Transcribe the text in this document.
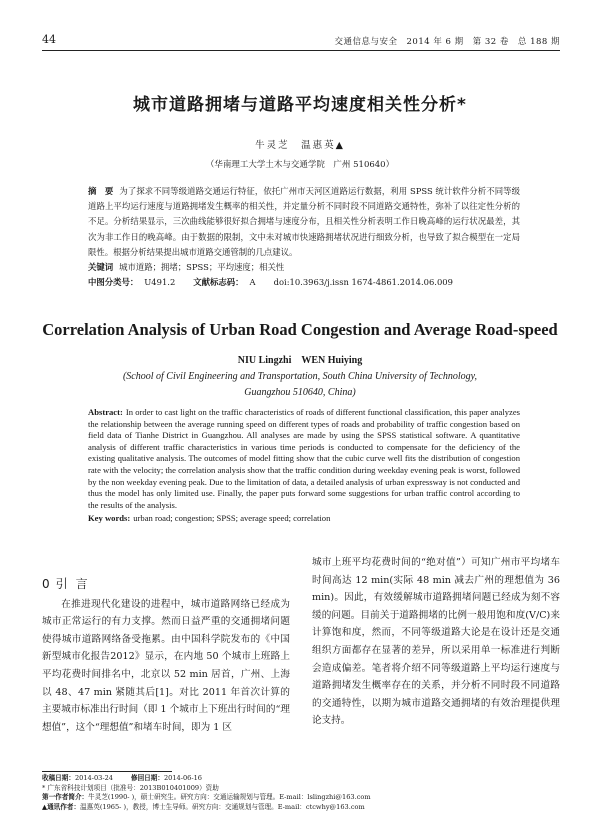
44	交通信息与安全　2014 年 6 期　第 32 卷　总 188 期
城市道路拥堵与道路平均速度相关性分析*
牛灵芝　温惠英▲
（华南理工大学土木与交通学院　广州 510640）
摘　要 为了探求不同等级道路交通运行特征，依托广州市天河区道路运行数据，利用 SPSS 统计软件分析不同等级道路上平均运行速度与道路拥堵发生概率的相关性，并定量分析不同时段不同道路交通特性，弥补了以往定性分析的不足。分析结果显示，三次曲线能够很好拟合拥堵与速度分布，且相关性分析表明工作日晚高峰的运行状况最差，其次为非工作日的晚高峰。由于数据的限制，文中未对城市快速路拥堵状况进行细致分析，也导致了拟合模型在一定局限性。根据分析结果提出城市道路交通管制的几点建议。
关键词 城市道路；拥堵；SPSS；平均速度；相关性
中图分类号： U491.2 文献标志码： A doi:10.3963/j.issn 1674-4861.2014.06.009
Correlation Analysis of Urban Road Congestion and Average Road-speed
NIU Lingzhi　WEN Huiying
(School of Civil Engineering and Transportation, South China University of Technology,
Guangzhou 510640, China)
Abstract: In order to cast light on the traffic characteristics of roads of different functional classification, this paper analyzes the relationship between the average running speed on different types of roads and probability of traffic congestion based on field data of Tianhe District in Guangzhou. All analyses are made by using the SPSS statistical software. A quantitative analysis of different traffic characteristics in various time periods is conducted to compensate for the deficiency of the existing qualitative analysis. The outcomes of model fitting show that the cubic curve well fits the distribution of congestion rate with the velocity; the correlation analysis show that the traffic condition during weekday evening peak is worst, followed by the non weekday evening peak. Due to the limitation of data, a detailed analysis of urban expressway is not conducted and thus the model has only limited use. Finally, the paper puts forward some suggestions for urban traffic control according to the results of the analysis.
Key words: urban road; congestion; SPSS; average speed; correlation
0 引言
在推进现代化建设的进程中，城市道路网络已经成为城市正常运行的有力支撑。然而日益严重的交通拥堵问题使得城市道路网络备受拖累。由中国科学院发布的《中国新型城市化报告2012》显示，在内地 50 个城市上班路上平均花费时间排名中，北京以 52 min 居首，广州、上海以 48、47 min 紧随其后[1]。对比 2011 年首次计算的主要城市标准出行时间（即 1 个城市上下班出行时间的“理想值”，这个“理想值”和堵车时间，即为 1 区
城市上班平均花费时间的“绝对值”）可知广州市平均堵车时间高达 12 min(实际 48 min 减去广州的理想值为 36 min)。因此，有效缓解城市道路拥堵问题已经成为刻不容缓的问题。目前关于道路拥堵的比例一般用饱和度(V/C)来计算饱和度，然而，不同等级道路大论是在设计还是交通组织方面都存在显著的差异，所以采用单一标准进行判断会造成偏差。笔者将介绍不同等级道路上平均运行速度与道路拥堵发生概率存在的关系，并分析不同时段不同道路的交通特性，以期为城市道路交通拥堵的有效治理提供理论支持。
收稿日期：2014-03-24	修回日期：2014-06-16
* 广东省科技计划项目（批准号：2013B010401009）资助
第一作者简介：牛灵芝(1990- )，硕士研究生。研究方向：交通运输规划与管理。E-mail：lslingzhi@163.com
▲通讯作者：温惠英(1965- )，教授，博士生导师。研究方向：交通规划与管理。E-mail：ctcwhy@163.com
